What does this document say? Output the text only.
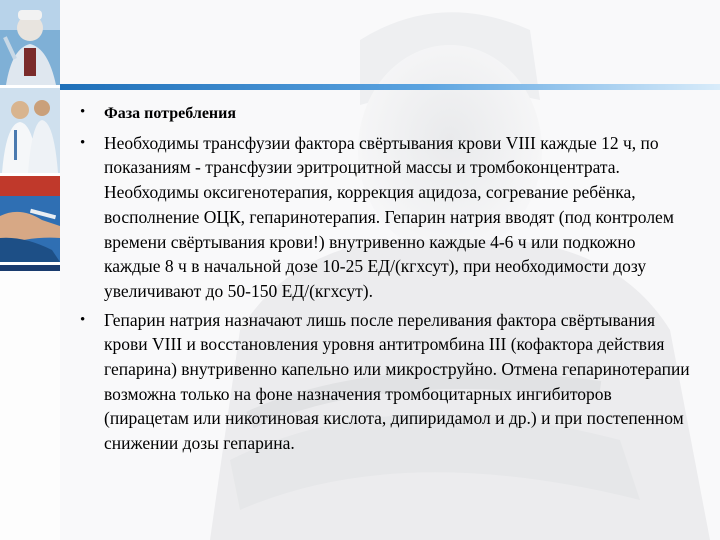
• Фаза потребления
• Необходимы трансфузии фактора свёртывания крови VIII каждые 12 ч, по показаниям - трансфузии эритроцитной массы и тромбоконцентрата. Необходимы оксигенотерапия, коррекция ацидоза, согревание ребёнка, восполнение ОЦК, гепаринотерапия. Гепарин натрия вводят (под контролем времени свёртывания крови!) внутривенно каждые 4-6 ч или подкожно каждые 8 ч в начальной дозе 10-25 ЕД/(кгхсут), при необходимости дозу увеличивают до 50-150 ЕД/(кгхсут).
• Гепарин натрия назначают лишь после переливания фактора свёртывания крови VIII и восстановления уровня антитромбина III (кофактора действия гепарина) внутривенно капельно или микроструйно. Отмена гепаринотерапии возможна только на фоне назначения тромбоцитарных ингибиторов (пирацетам или никотиновая кислота, дипиридамол и др.) и при постепенном снижении дозы гепарина.
